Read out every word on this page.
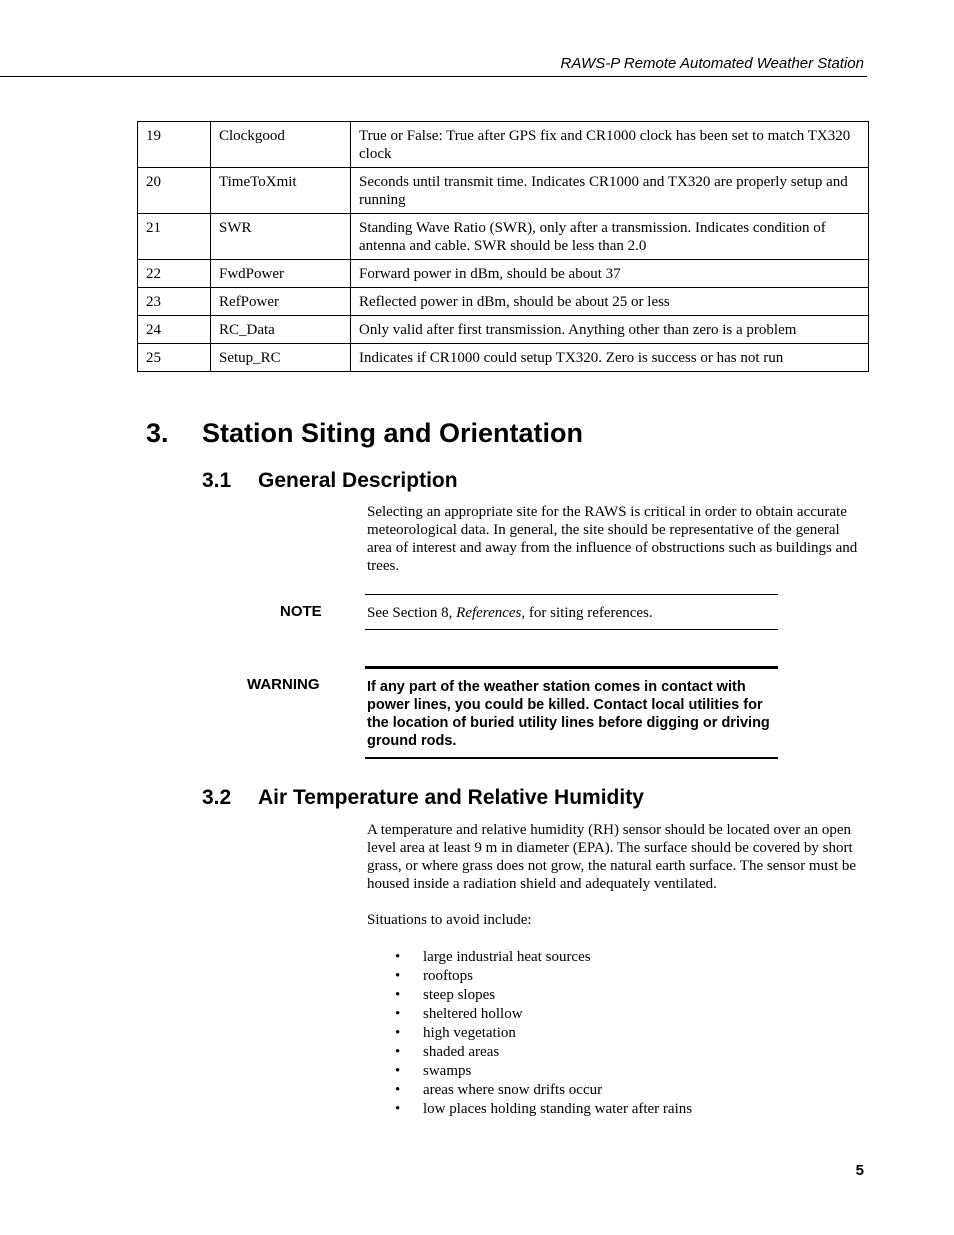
RAWS-P Remote Automated Weather Station
19	Clockgood	True or False: True after GPS fix and CR1000 clock has been set to match TX320 clock
20	TimeToXmit	Seconds until transmit time. Indicates CR1000 and TX320 are properly setup and running
21	SWR	Standing Wave Ratio (SWR), only after a transmission. Indicates condition of antenna and cable. SWR should be less than 2.0
22	FwdPower	Forward power in dBm, should be about 37
23	RefPower	Reflected power in dBm, should be about 25 or less
24	RC_Data	Only valid after first transmission. Anything other than zero is a problem
25	Setup_RC	Indicates if CR1000 could setup TX320. Zero is success or has not run
3. Station Siting and Orientation
3.1 General Description

Selecting an appropriate site for the RAWS is critical in order to obtain accurate meteorological data. In general, the site should be representative of the general area of interest and away from the influence of obstructions such as buildings and trees.

NOTE	See Section 8, References, for siting references.
WARNING	If any part of the weather station comes in contact with power lines, you could be killed. Contact local utilities for the location of buried utility lines before digging or driving ground rods.
3.2 Air Temperature and Relative Humidity

A temperature and relative humidity (RH) sensor should be located over an open level area at least 9 m in diameter (EPA). The surface should be covered by short grass, or where grass does not grow, the natural earth surface. The sensor must be housed inside a radiation shield and adequately ventilated.

Situations to avoid include:

• large industrial heat sources
• rooftops
• steep slopes
• sheltered hollow
• high vegetation
• shaded areas
• swamps
• areas where snow drifts occur
• low places holding standing water after rains
5
